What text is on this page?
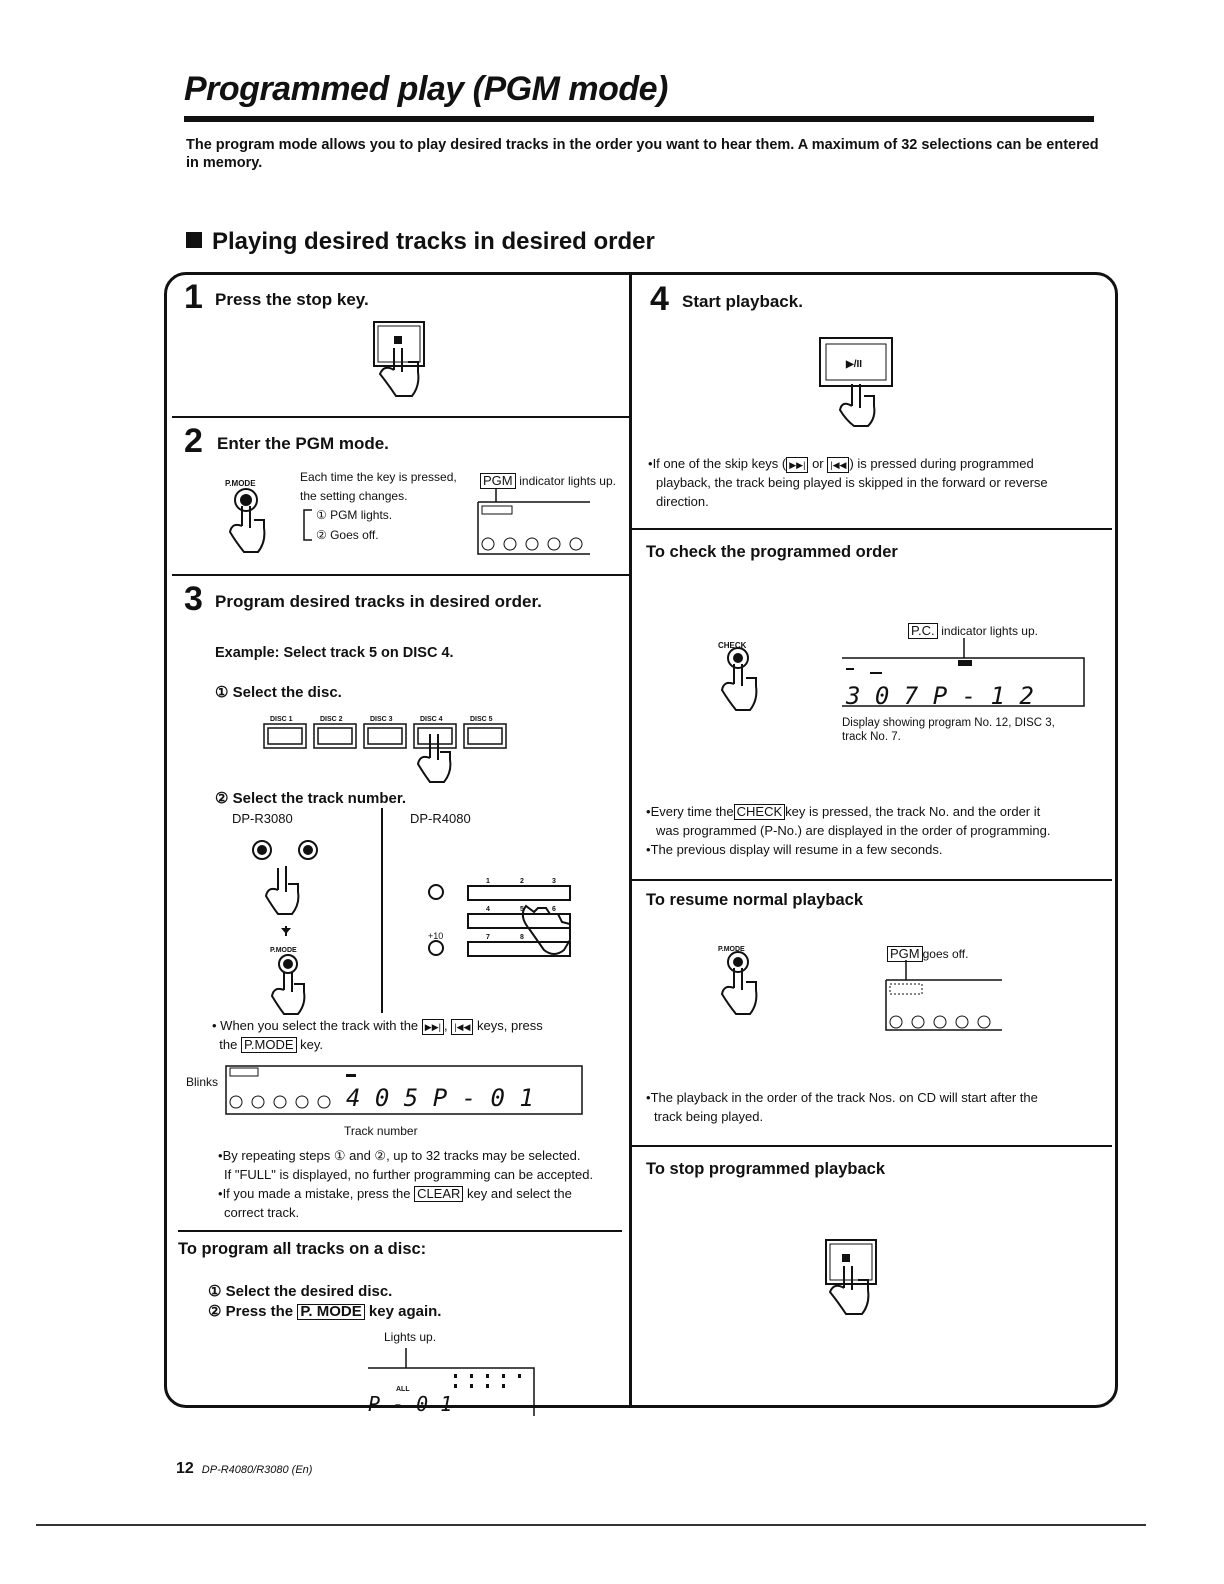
Programmed play (PGM mode)
The program mode allows you to play desired tracks in the order you want to hear them. A maximum of 32 selections can be entered in memory.
Playing desired tracks in desired order
1 Press the stop key.
2 Enter the PGM mode.
P.MODE	Each time the key is pressed,
the setting changes.
① PGM lights.
② Goes off.
PGM indicator lights up.
3 Program desired tracks in desired order.
Example: Select track 5 on DISC 4.
① Select the disc.
DISC 1	DISC 2	DISC 3	DISC 4	DISC 5
② Select the track number.
DP-R3080	DP-R4080
P.MODE
+10
1	2	3
4	5	6
7	8
• When you select the track with the ▶▶| , |◀◀ keys, press
the P.MODE key.
Blinks
4 0 5 P - 0 1
Track number
•By repeating steps ① and ②, up to 32 tracks may be selected.
If "FULL" is displayed, no further programming can be accepted.
•If you made a mistake, press the CLEAR key and select the
correct track.
To program all tracks on a disc:
① Select the desired disc.
② Press the P. MODE key again.
Lights up.
ALL
P - 0 1
4 Start playback.
▶/II
•If one of the skip keys ( ▶▶| or |◀◀ ) is pressed during programmed
playback, the track being played is skipped in the forward or reverse
direction.
To check the programmed order
CHECK
P.C. indicator lights up.
3 0 7 P - 1 2
Display showing program No. 12, DISC 3,
track No. 7.
•Every time the CHECK key is pressed, the track No. and the order it
was programmed (P-No.) are displayed in the order of programming.
•The previous display will resume in a few seconds.
To resume normal playback
P.MODE	PGM goes off.
•The playback in the order of the track Nos. on CD will start after the
track being played.
To stop programmed playback
12 DP-R4080/R3080 (En)
